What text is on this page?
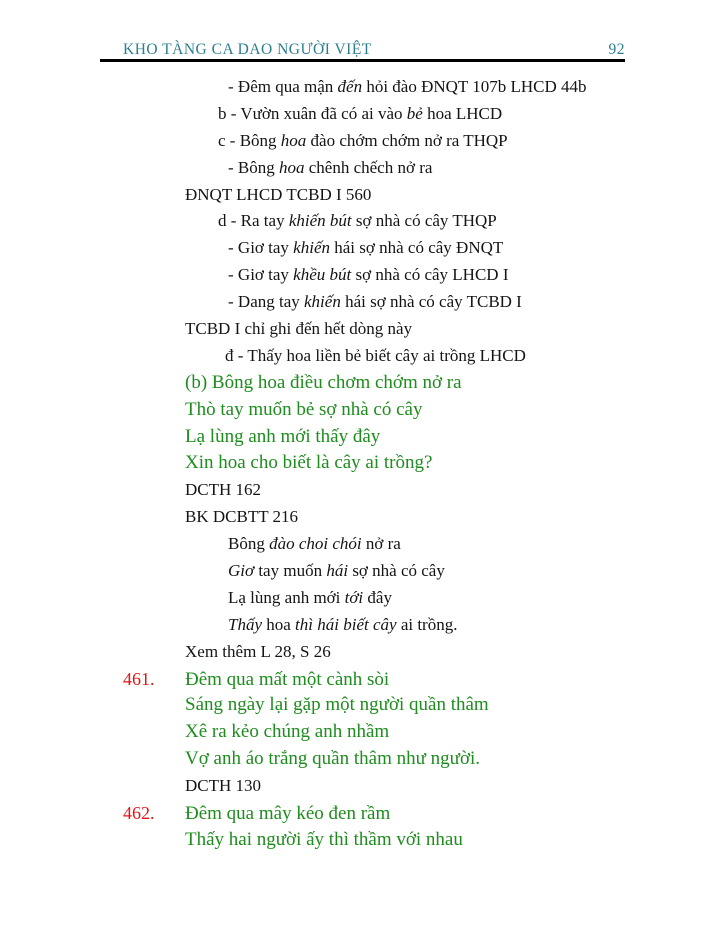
KHO TÀNG CA DAO NGƯỜI VIỆT	92
- Đêm qua mận đến hỏi đào ĐNQT 107b LHCD 44b
b - Vườn xuân đã có ai vào bẻ hoa LHCD
c - Bông hoa đào chớm chớm nở ra THQP
- Bông hoa chênh chếch nở ra
ĐNQT LHCD TCBD I 560
d - Ra tay khiến bút sợ nhà có cây THQP
- Giơ tay khiến hái sợ nhà có cây ĐNQT
- Giơ tay khều bút sợ nhà có cây LHCD I
- Dang tay khiến hái sợ nhà có cây TCBD I
TCBD I chỉ ghi đến hết dòng này
đ - Thấy hoa liền bẻ biết cây ai trồng LHCD
(b) Bông hoa điều chơm chớm nở ra
Thò tay muốn bẻ sợ nhà có cây
Lạ lùng anh mới thấy đây
Xin hoa cho biết là cây ai trồng?
DCTH 162
BK DCBTT 216
Bông đào choi chói nở ra
Giơ tay muốn hái sợ nhà có cây
Lạ lùng anh mới tới đây
Thấy hoa thì hái biết cây ai trồng.
Xem thêm L 28, S 26
461. Đêm qua mất một cành sòi
Sáng ngày lại gặp một người quần thâm
Xê ra kẻo chúng anh nhầm
Vợ anh áo trắng quần thâm như người.
DCTH 130
462. Đêm qua mây kéo đen rầm
Thấy hai người ấy thì thầm với nhau
